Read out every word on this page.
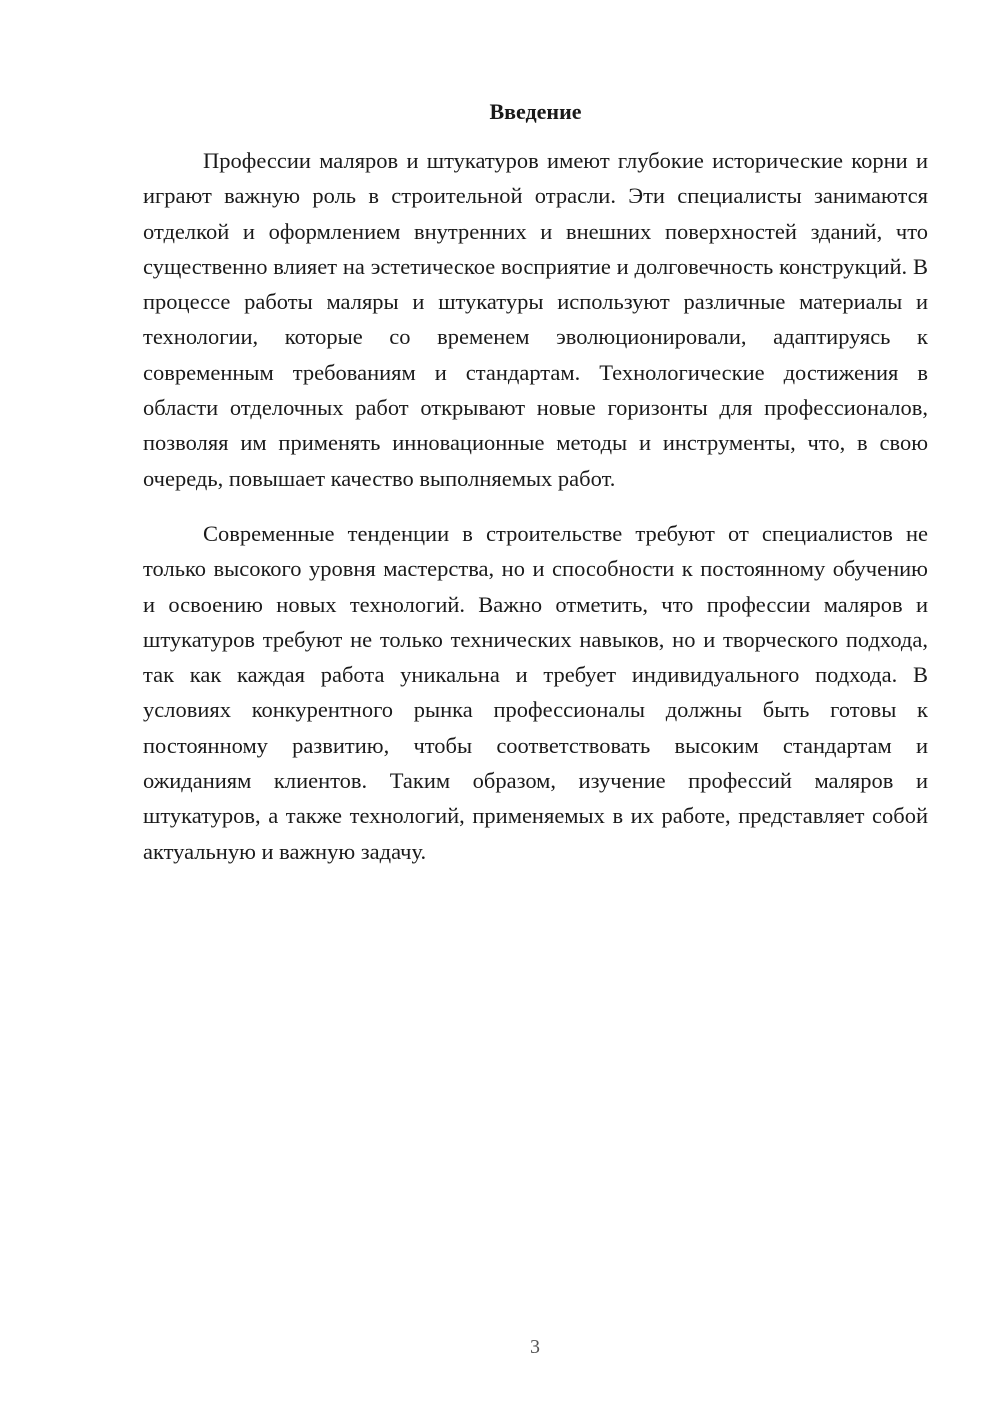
Введение

Профессии маляров и штукатуров имеют глубокие исторические корни и играют важную роль в строительной отрасли. Эти специалисты занимаются отделкой и оформлением внутренних и внешних поверхностей зданий, что существенно влияет на эстетическое восприятие и долговечность конструкций. В процессе работы маляры и штукатуры используют различные материалы и технологии, которые со временем эволюционировали, адаптируясь к современным требованиям и стандартам. Технологические достижения в области отделочных работ открывают новые горизонты для профессионалов, позволяя им применять инновационные методы и инструменты, что, в свою очередь, повышает качество выполняемых работ.

Современные тенденции в строительстве требуют от специалистов не только высокого уровня мастерства, но и способности к постоянному обучению и освоению новых технологий. Важно отметить, что профессии маляров и штукатуров требуют не только технических навыков, но и творческого подхода, так как каждая работа уникальна и требует индивидуального подхода. В условиях конкурентного рынка профессионалы должны быть готовы к постоянному развитию, чтобы соответствовать высоким стандартам и ожиданиям клиентов. Таким образом, изучение профессий маляров и штукатуров, а также технологий, применяемых в их работе, представляет собой актуальную и важную задачу.

3
